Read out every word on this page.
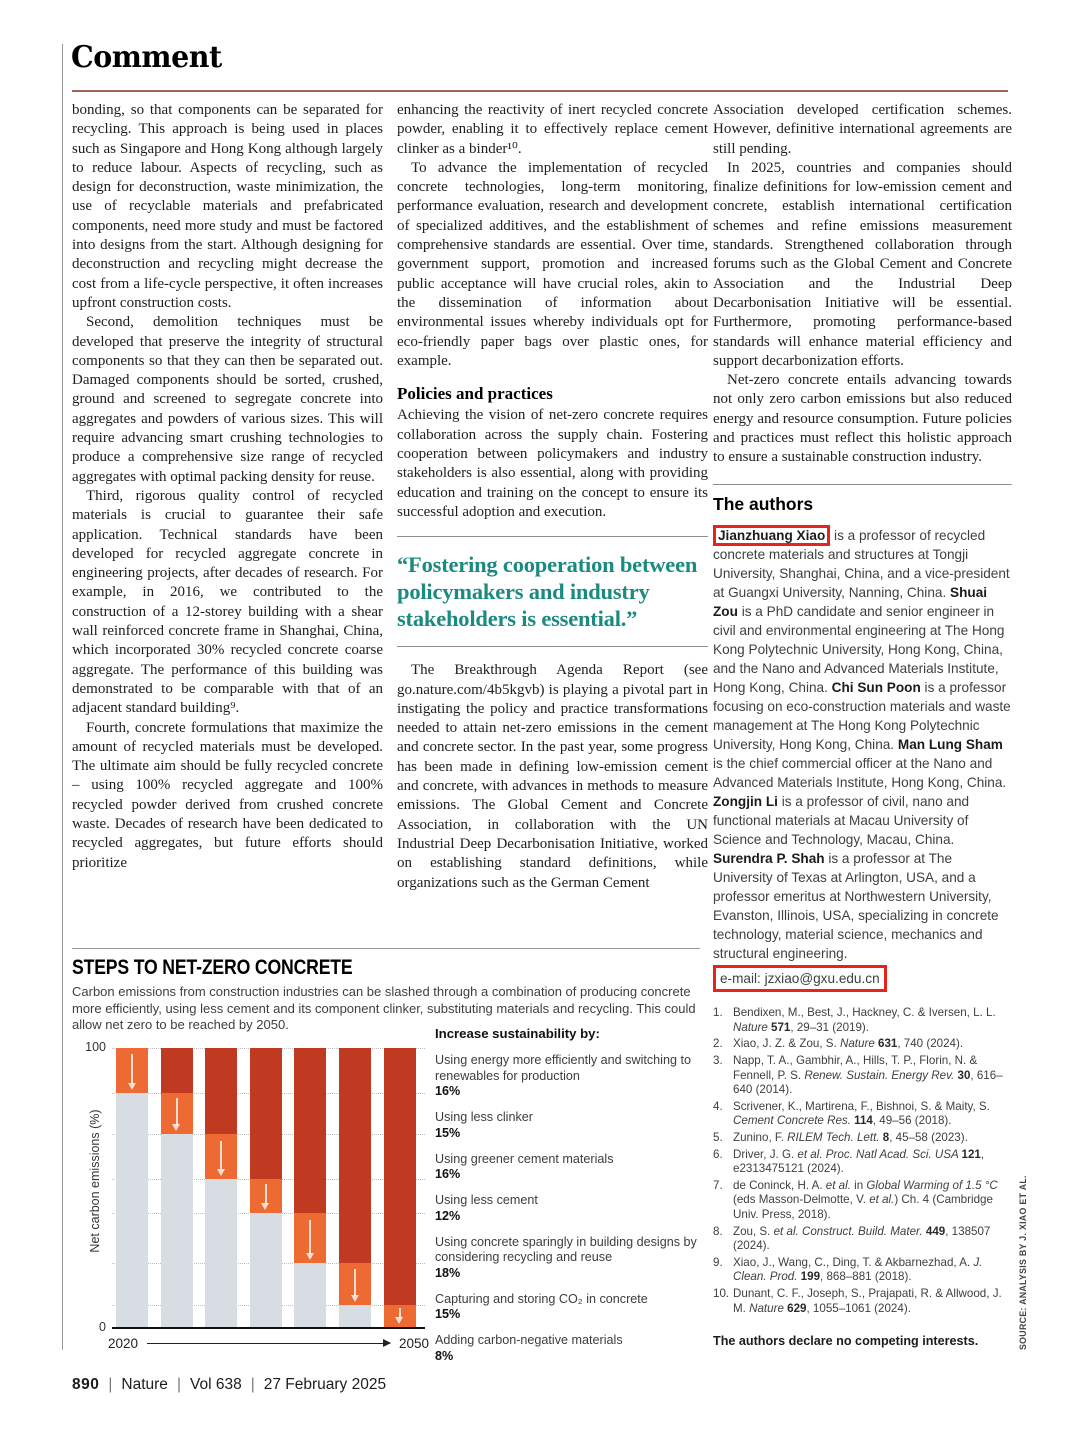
Comment

bonding, so that components can be separated for recycling. This approach is being used in places such as Singapore and Hong Kong although largely to reduce labour. Aspects of recycling, such as design for deconstruction, waste minimization, the use of recyclable materials and prefabricated components, need more study and must be factored into designs from the start. Although designing for deconstruction and recycling might decrease the cost from a life-cycle perspective, it often increases upfront construction costs.

Second, demolition techniques must be developed that preserve the integrity of structural components so that they can then be separated out. Damaged components should be sorted, crushed, ground and screened to segregate concrete into aggregates and powders of various sizes. This will require advancing smart crushing technologies to produce a comprehensive size range of recycled aggregates with optimal packing density for reuse.

Third, rigorous quality control of recycled materials is crucial to guarantee their safe application. Technical standards have been developed for recycled aggregate concrete in engineering projects, after decades of research. For example, in 2016, we contributed to the construction of a 12-storey building with a shear wall reinforced concrete frame in Shanghai, China, which incorporated 30% recycled concrete coarse aggregate. The performance of this building was demonstrated to be comparable with that of an adjacent standard building⁹.

Fourth, concrete formulations that maximize the amount of recycled materials must be developed. The ultimate aim should be fully recycled concrete – using 100% recycled aggregate and 100% recycled powder derived from crushed concrete waste. Decades of research have been dedicated to recycled aggregates, but future efforts should prioritize

enhancing the reactivity of inert recycled concrete powder, enabling it to effectively replace cement clinker as a binder¹⁰.

To advance the implementation of recycled concrete technologies, long-term monitoring, performance evaluation, research and development of specialized additives, and the establishment of comprehensive standards are essential. Over time, government support, promotion and increased public acceptance will have crucial roles, akin to the dissemination of information about environmental issues whereby individuals opt for eco-friendly paper bags over plastic ones, for example.

Policies and practices

Achieving the vision of net-zero concrete requires collaboration across the supply chain. Fostering cooperation between policymakers and industry stakeholders is also essential, along with providing education and training on the concept to ensure its successful adoption and execution.

“Fostering cooperation between policymakers and industry stakeholders is essential.”

The Breakthrough Agenda Report (see go.nature.com/4b5kgvb) is playing a pivotal part in instigating the policy and practice transformations needed to attain net-zero emissions in the cement and concrete sector. In the past year, some progress has been made in defining low-emission cement and concrete, with advances in methods to measure emissions. The Global Cement and Concrete Association, in collaboration with the UN Industrial Deep Decarbonisation Initiative, worked on establishing standard definitions, while organizations such as the German Cement

Association developed certification schemes. However, definitive international agreements are still pending.

In 2025, countries and companies should finalize definitions for low-emission cement and concrete, establish international certification schemes and refine emissions measurement standards. Strengthened collaboration through forums such as the Global Cement and Concrete Association and the Industrial Deep Decarbonisation Initiative will be essential. Furthermore, promoting performance-based standards will enhance material efficiency and support decarbonization efforts.

Net-zero concrete entails advancing towards not only zero carbon emissions but also reduced energy and resource consumption. Future policies and practices must reflect this holistic approach to ensure a sustainable construction industry.

The authors
Jianzhuang Xiao is a professor of recycled concrete materials and structures at Tongji University, Shanghai, China, and a vice-president at Guangxi University, Nanning, China. Shuai Zou is a PhD candidate and senior engineer in civil and environmental engineering at The Hong Kong Polytechnic University, Hong Kong, China, and the Nano and Advanced Materials Institute, Hong Kong, China. Chi Sun Poon is a professor focusing on eco-construction materials and waste management at The Hong Kong Polytechnic University, Hong Kong, China. Man Lung Sham is the chief commercial officer at the Nano and Advanced Materials Institute, Hong Kong, China. Zongjin Li is a professor of civil, nano and functional materials at Macau University of Science and Technology, Macau, China. Surendra P. Shah is a professor at The University of Texas at Arlington, USA, and a professor emeritus at Northwestern University, Evanston, Illinois, USA, specializing in concrete technology, material science, mechanics and structural engineering.
e-mail: jzxiao@gxu.edu.cn
1. Bendixen, M., Best, J., Hackney, C. & Iversen, L. L. Nature 571, 29–31 (2019).
2. Xiao, J. Z. & Zou, S. Nature 631, 740 (2024).
3. Napp, T. A., Gambhir, A., Hills, T. P., Florin, N. & Fennell, P. S. Renew. Sustain. Energy Rev. 30, 616–640 (2014).
4. Scrivener, K., Martirena, F., Bishnoi, S. & Maity, S. Cement Concrete Res. 114, 49–56 (2018).
5. Zunino, F. RILEM Tech. Lett. 8, 45–58 (2023).
6. Driver, J. G. et al. Proc. Natl Acad. Sci. USA 121, e2313475121 (2024).
7. de Coninck, H. A. et al. in Global Warming of 1.5 °C (eds Masson-Delmotte, V. et al.) Ch. 4 (Cambridge Univ. Press, 2018).
8. Zou, S. et al. Construct. Build. Mater. 449, 138507 (2024).
9. Xiao, J., Wang, C., Ding, T. & Akbarnezhad, A. J. Clean. Prod. 199, 868–881 (2018).
10. Dunant, C. F., Joseph, S., Prajapati, R. & Allwood, J. M. Nature 629, 1055–1061 (2024).
The authors declare no competing interests.
STEPS TO NET-ZERO CONCRETE
Carbon emissions from construction industries can be slashed through a combination of producing concrete more efficiently, using less cement and its component clinker, substituting materials and recycling. This could allow net zero to be reached by 2050.
100
0
Net carbon emissions (%)
2020	2050
Increase sustainability by:
Using energy more efficiently and switching to renewables for production
16%
Using less clinker
15%
Using greener cement materials
16%
Using less cement
12%
Using concrete sparingly in building designs by considering recycling and reuse
18%
Capturing and storing CO₂ in concrete
15%
Adding carbon-negative materials
8%
SOURCE: ANALYSIS BY J. XIAO ET AL.
890 | Nature | Vol 638 | 27 February 2025
